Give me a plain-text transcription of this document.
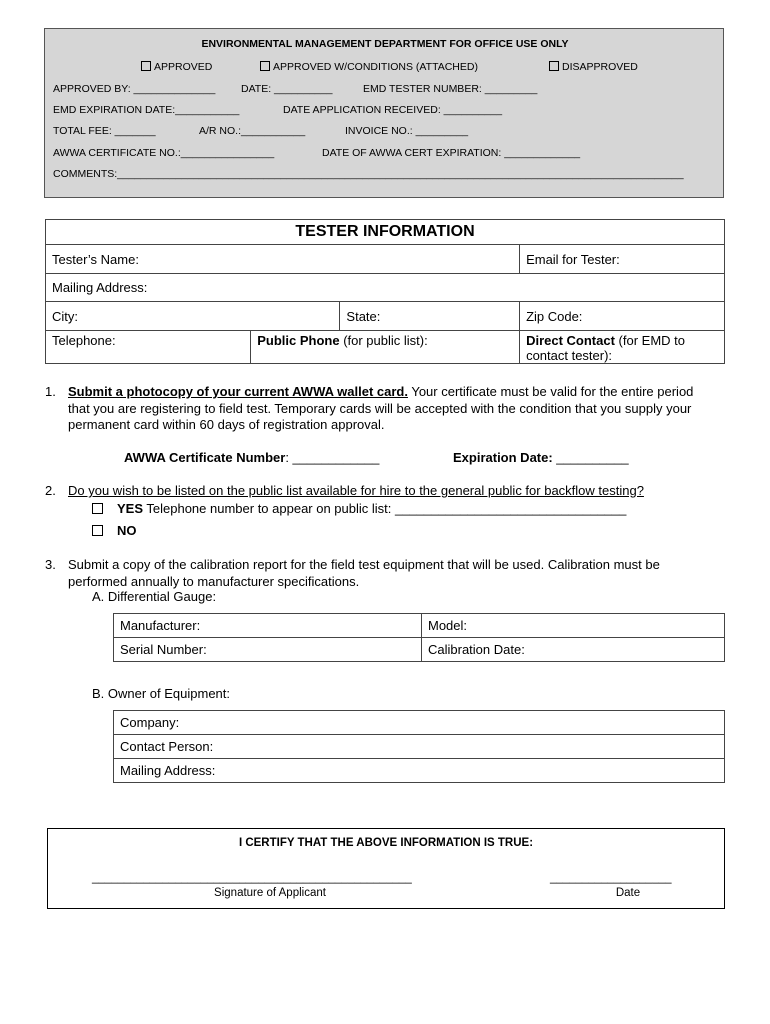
ENVIRONMENTAL MANAGEMENT DEPARTMENT FOR OFFICE USE ONLY
APPROVED	APPROVED W/CONDITIONS (ATTACHED)	DISAPPROVED
APPROVED BY: ______________ DATE: __________	EMD TESTER NUMBER: _________
EMD EXPIRATION DATE:___________	DATE APPLICATION RECEIVED: __________
TOTAL FEE: _______	A/R NO.:___________	INVOICE NO.: _________
AWWA CERTIFICATE NO.:________________	DATE OF AWWA CERT EXPIRATION: _____________
COMMENTS:_________________________________________________________________________________________________
TESTER INFORMATION			
Tester’s Name:			Email for Tester:
Mailing Address:			
City:		State:	Zip Code:
Telephone:	Public Phone (for public list):		Direct Contact (for EMD to contact tester):
1. Submit a photocopy of your current AWWA wallet card. Your certificate must be valid for the entire period
that you are registering to field test. Temporary cards will be accepted with the condition that you supply your
permanent card within 60 days of registration approval.
AWWA Certificate Number: ____________	Expiration Date: __________
2. Do you wish to be listed on the public list available for hire to the general public for backflow testing?
YES Telephone number to appear on public list: ________________________________
NO
3. Submit a copy of the calibration report for the field test equipment that will be used. Calibration must be
performed annually to manufacturer specifications.
A. Differential Gauge:
Manufacturer:	Model:
Serial Number:	Calibration Date:
B. Owner of Equipment:
Company:
Contact Person:
Mailing Address:
I CERTIFY THAT THE ABOVE INFORMATION IS TRUE:
__________________________________________________
Signature of Applicant
___________________
Date
